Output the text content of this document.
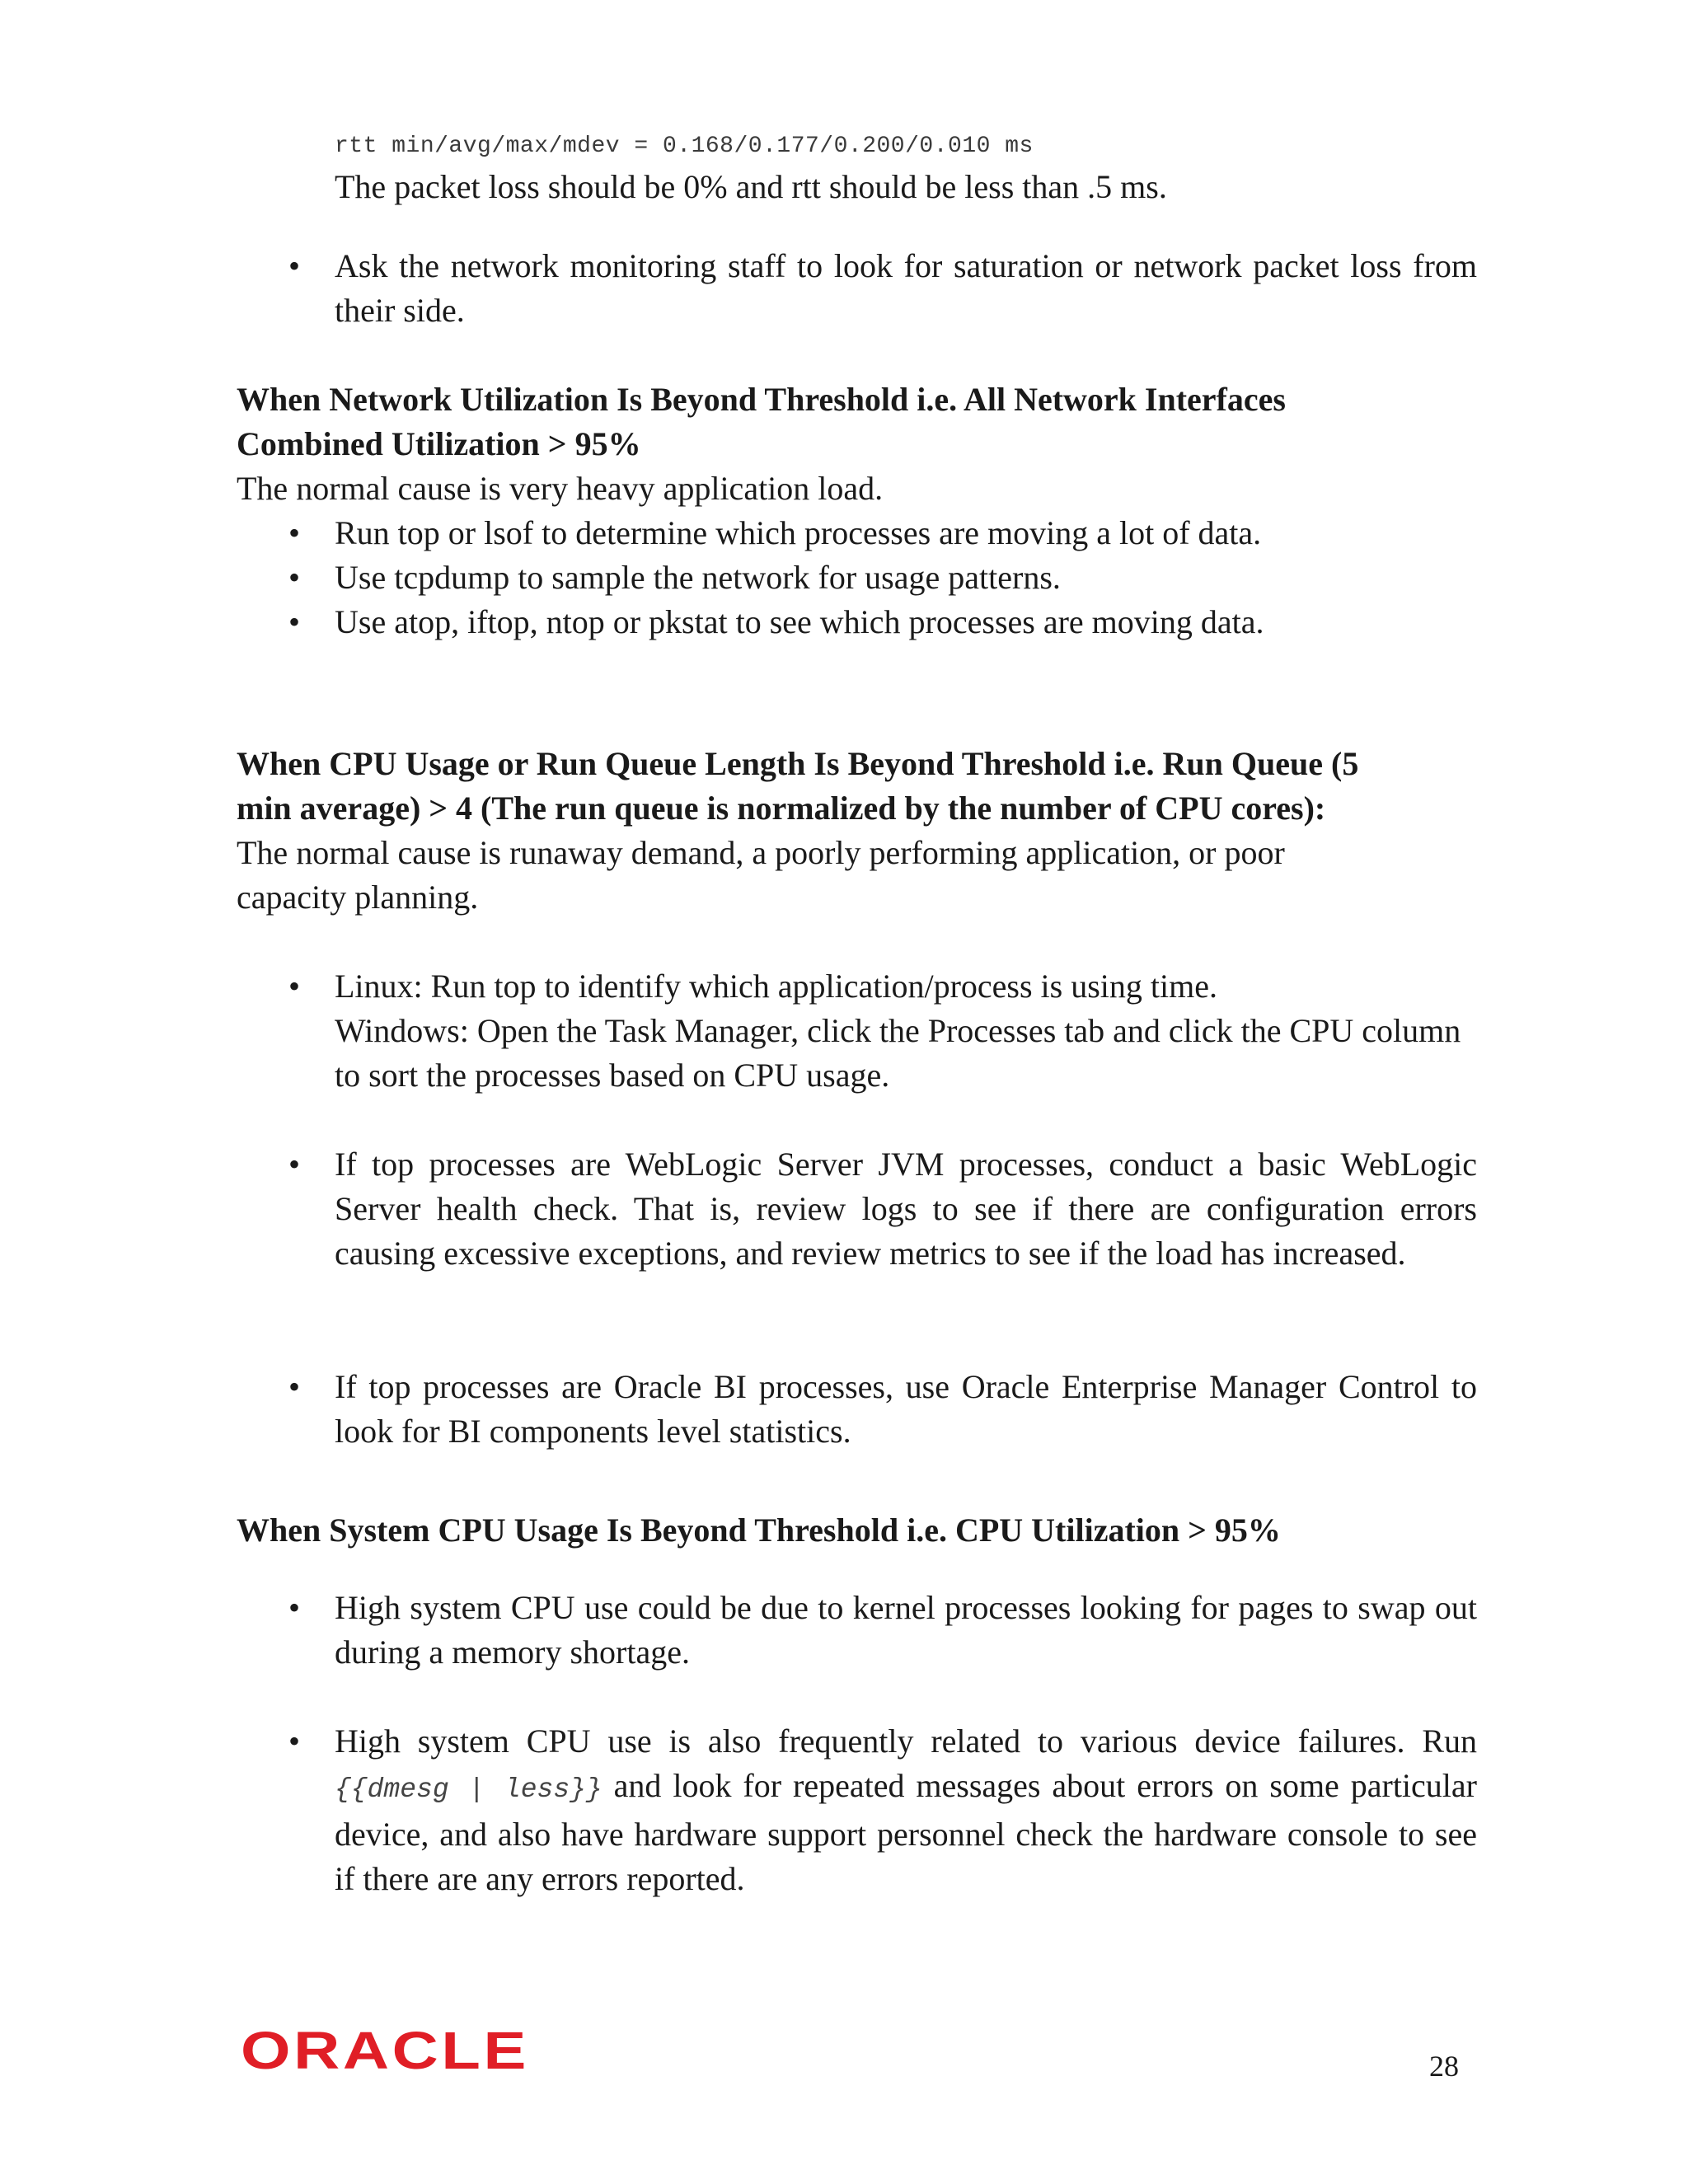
rtt min/avg/max/mdev = 0.168/0.177/0.200/0.010 ms

The packet loss should be 0% and rtt should be less than .5 ms.

• Ask the network monitoring staff to look for saturation or network packet loss from their side.

When Network Utilization Is Beyond Threshold i.e. All Network Interfaces
Combined Utilization > 95%

The normal cause is very heavy application load.

• Run top or lsof to determine which processes are moving a lot of data.

• Use tcpdump to sample the network for usage patterns.

• Use atop, iftop, ntop or pkstat to see which processes are moving data.

When CPU Usage or Run Queue Length Is Beyond Threshold i.e. Run Queue (5
min average) > 4 (The run queue is normalized by the number of CPU cores):

The normal cause is runaway demand, a poorly performing application, or poor

capacity planning.

• Linux: Run top to identify which application/process is using time.

Windows: Open the Task Manager, click the Processes tab and click the CPU column to sort the processes based on CPU usage.

• If top processes are WebLogic Server JVM processes, conduct a basic WebLogic Server health check. That is, review logs to see if there are configuration errors causing excessive exceptions, and review metrics to see if the load has increased.

• If top processes are Oracle BI processes, use Oracle Enterprise Manager Control to look for BI components level statistics.

When System CPU Usage Is Beyond Threshold i.e. CPU Utilization > 95%
• High system CPU use could be due to kernel processes looking for pages to swap out during a memory shortage.

• High system CPU use is also frequently related to various device failures. Run {{dmesg | less}} and look for repeated messages about errors on some particular device, and also have hardware support personnel check the hardware console to see if there are any errors reported.

ORACLE	28
